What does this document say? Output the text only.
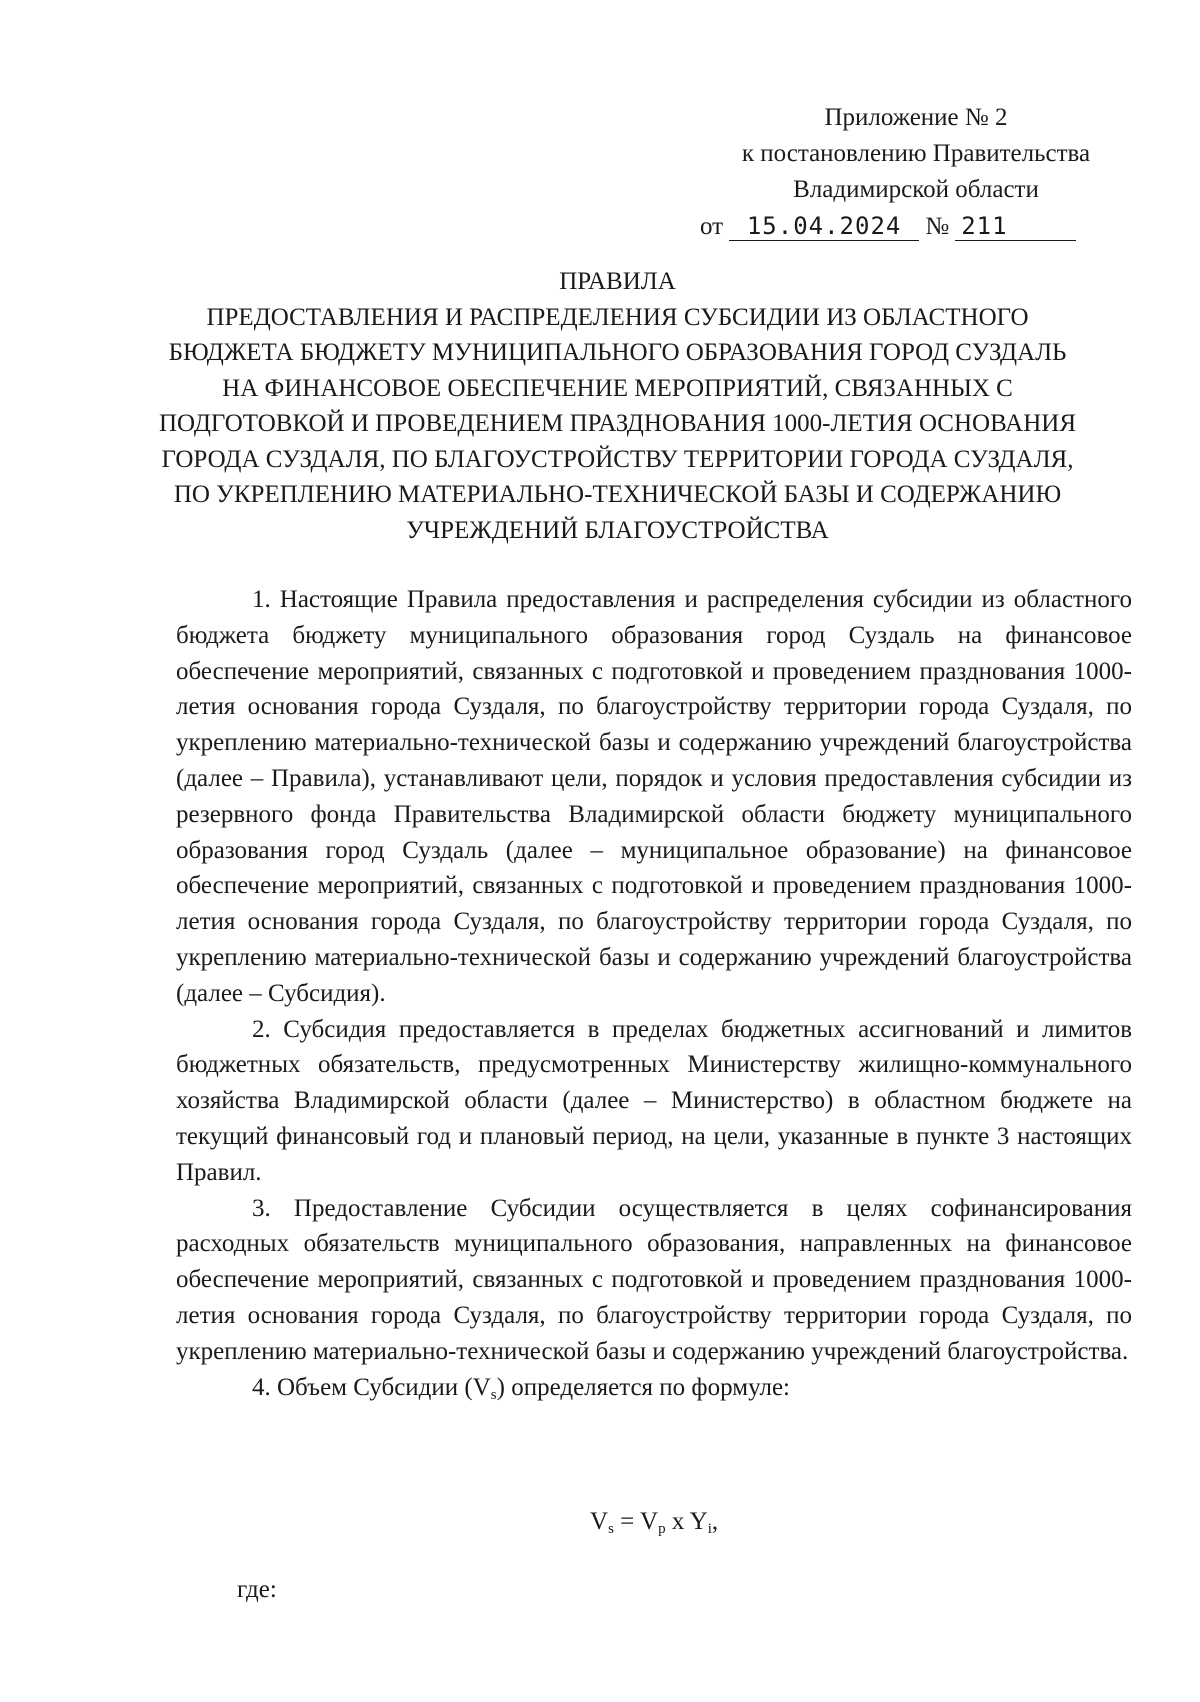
Приложение № 2
к постановлению Правительства
Владимирской области
от 15.04.2024 № 211
ПРАВИЛА
ПРЕДОСТАВЛЕНИЯ И РАСПРЕДЕЛЕНИЯ СУБСИДИИ ИЗ ОБЛАСТНОГО БЮДЖЕТА БЮДЖЕТУ МУНИЦИПАЛЬНОГО ОБРАЗОВАНИЯ ГОРОД СУЗДАЛЬ НА ФИНАНСОВОЕ ОБЕСПЕЧЕНИЕ МЕРОПРИЯТИЙ, СВЯЗАННЫХ С ПОДГОТОВКОЙ И ПРОВЕДЕНИЕМ ПРАЗДНОВАНИЯ 1000-ЛЕТИЯ ОСНОВАНИЯ ГОРОДА СУЗДАЛЯ, ПО БЛАГОУСТРОЙСТВУ ТЕРРИТОРИИ ГОРОДА СУЗДАЛЯ, ПО УКРЕПЛЕНИЮ МАТЕРИАЛЬНО-ТЕХНИЧЕСКОЙ БАЗЫ И СОДЕРЖАНИЮ УЧРЕЖДЕНИЙ БЛАГОУСТРОЙСТВА

1. Настоящие Правила предоставления и распределения субсидии из областного бюджета бюджету муниципального образования город Суздаль на финансовое обеспечение мероприятий, связанных с подготовкой и проведением празднования 1000-летия основания города Суздаля, по благоустройству территории города Суздаля, по укреплению материально-технической базы и содержанию учреждений благоустройства (далее – Правила), устанавливают цели, порядок и условия предоставления субсидии из резервного фонда Правительства Владимирской области бюджету муниципального образования город Суздаль (далее – муниципальное образование) на финансовое обеспечение мероприятий, связанных с подготовкой и проведением празднования 1000-летия основания города Суздаля, по благоустройству территории города Суздаля, по укреплению материально-технической базы и содержанию учреждений благоустройства (далее – Субсидия).

2. Субсидия предоставляется в пределах бюджетных ассигнований и лимитов бюджетных обязательств, предусмотренных Министерству жилищно-коммунального хозяйства Владимирской области (далее – Министерство) в областном бюджете на текущий финансовый год и плановый период, на цели, указанные в пункте 3 настоящих Правил.

3. Предоставление Субсидии осуществляется в целях софинансирования расходных обязательств муниципального образования, направленных на финансовое обеспечение мероприятий, связанных с подготовкой и проведением празднования 1000-летия основания города Суздаля, по благоустройству территории города Суздаля, по укреплению материально-технической базы и содержанию учреждений благоустройства.

4. Объем Субсидии (Vs) определяется по формуле:

$V_s = V_p$ x $Y_i$,
где:
